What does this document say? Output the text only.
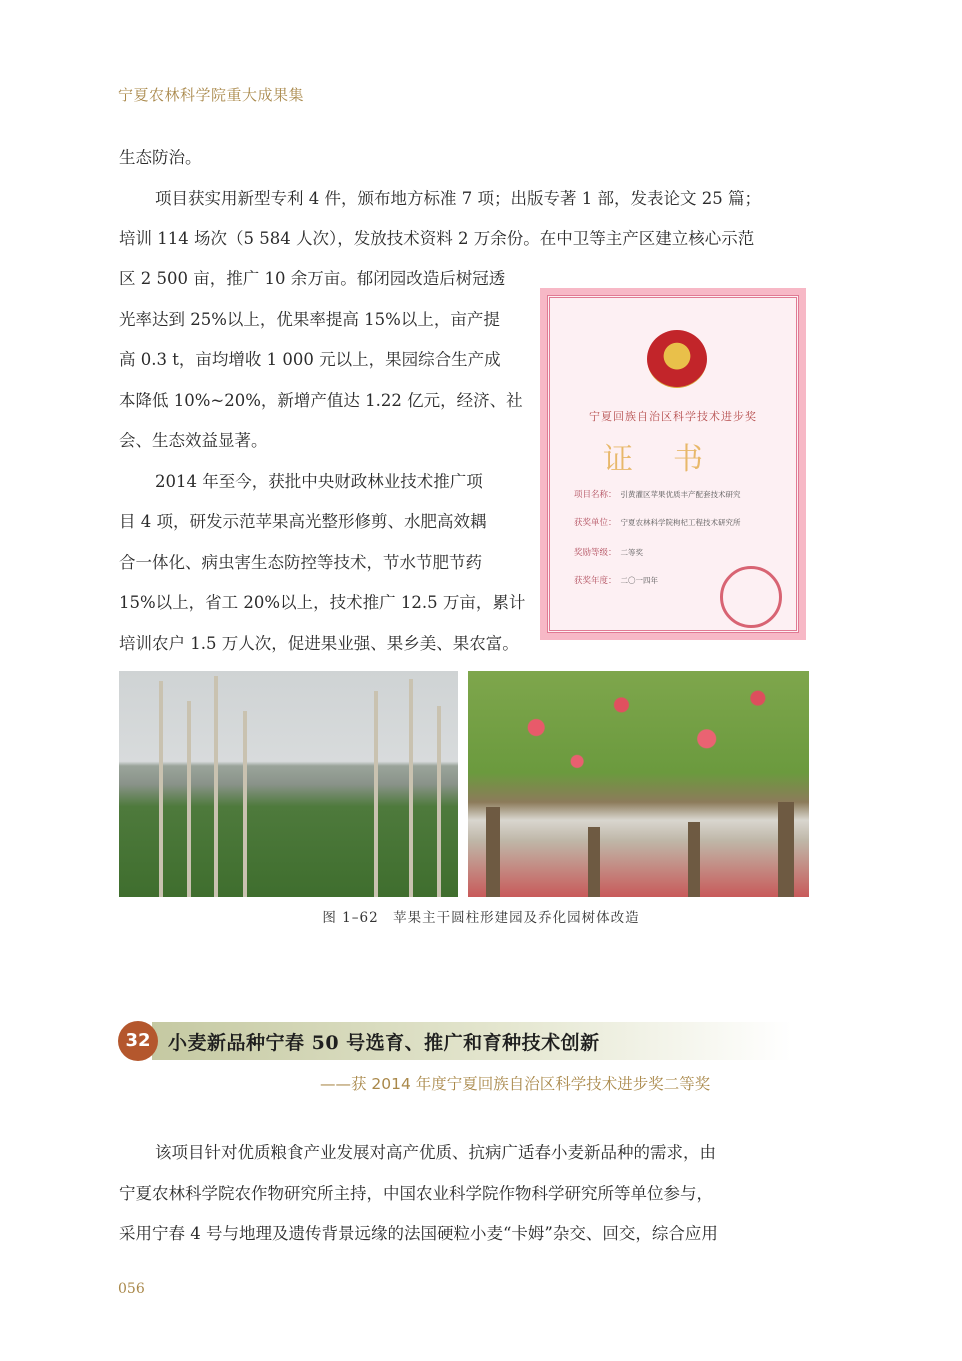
宁夏农林科学院重大成果集
生态防治。
项目获实用新型专利 4 件，颁布地方标准 7 项；出版专著 1 部，发表论文 25 篇；
培训 114 场次（5 584 人次），发放技术资料 2 万余份。在中卫等主产区建立核心示范
区 2 500 亩，推广 10 余万亩。郁闭园改造后树冠透
光率达到 25%以上，优果率提高 15%以上，亩产提
高 0.3 t，亩均增收 1 000 元以上，果园综合生产成
本降低 10%~20%，新增产值达 1.22 亿元，经济、社
会、生态效益显著。
2014 年至今，获批中央财政林业技术推广项
目 4 项，研发示范苹果高光整形修剪、水肥高效耦
合一体化、病虫害生态防控等技术，节水节肥节药
15%以上，省工 20%以上，技术推广 12.5 万亩，累计
培训农户 1.5 万人次，促进果业强、果乡美、果农富。
宁夏回族自治区科学技术进步奖
证书
项目名称： 引黄灌区苹果优质丰产配套技术研究
获奖单位： 宁夏农林科学院枸杞工程技术研究所
奖励等级： 二等奖
获奖年度： 二〇一四年
图 1–62　苹果主干圆柱形建园及乔化园树体改造
32 小麦新品种宁春 50 号选育、推广和育种技术创新
——获 2014 年度宁夏回族自治区科学技术进步奖二等奖
该项目针对优质粮食产业发展对高产优质、抗病广适春小麦新品种的需求，由
宁夏农林科学院农作物研究所主持，中国农业科学院作物科学研究所等单位参与，
采用宁春 4 号与地理及遗传背景远缘的法国硬粒小麦“卡姆”杂交、回交，综合应用
056
